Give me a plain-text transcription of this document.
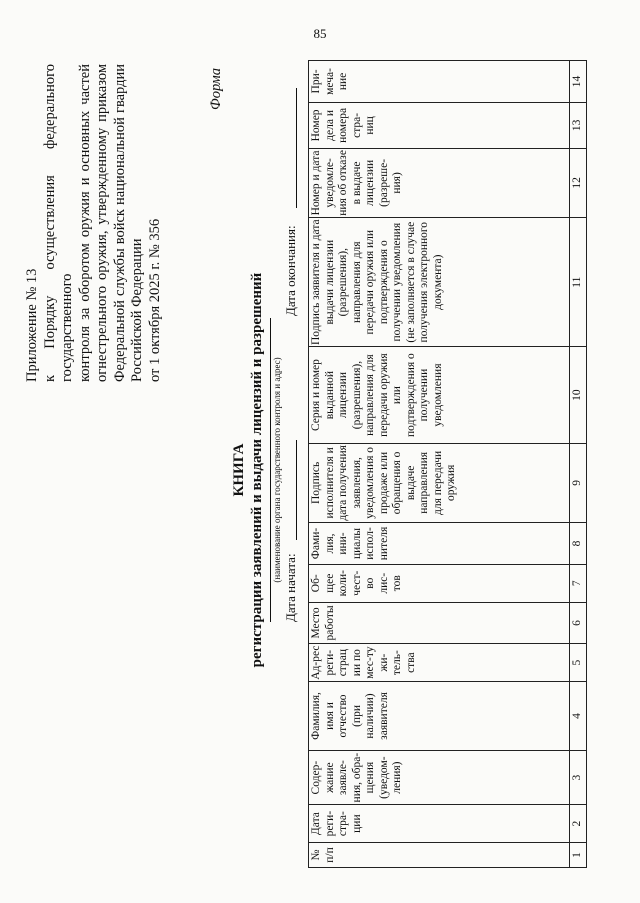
85
Приложение № 13 к Порядку осуществления федерального государственного контроля за оборотом оружия и основных частей огнестрельного оружия, утвержденному приказом Федеральной службы войск национальной гвардии Российской Федерации от 1 октября 2025 г. № 356
Форма
КНИГА регистрации заявлений и выдачи лицензий и разрешений (наименование органа государственного контроля и адрес)
Дата начата:
Дата окончания:
№ п/п	Дата реги-стра-ции	Содер-жание заявле-ния, обра-щения (уведом-ления)	Фамилия, имя и отчество (при наличии) заявителя	Ад-рес реги-страц ии по мес-ту жи-тель-ства	Место работы	Об-щее коли-чест-во лис-тов	Фами-лия, ини-циалы испол-нителя	Подпись исполнителя и дата получения заявления, уведомления о продаже или обращения о выдаче направления для передачи оружия	Серия и номер выданной лицензии (разрешения), направления для передачи оружия или подтверждения о получении уведомления	Подпись заявителя и дата выдачи лицензии (разрешения), направления для передачи оружия или подтверждения о получении уведомления (не заполняется в случае получения электронного документа)	Номер и дата уведомле-ния об отказе в выдаче лицензии (разреше-ния)	Номер дела и номера стра-ниц	При-меча-ние
1	2	3	4	5	6	7	8	9	10	11	12	13	14
